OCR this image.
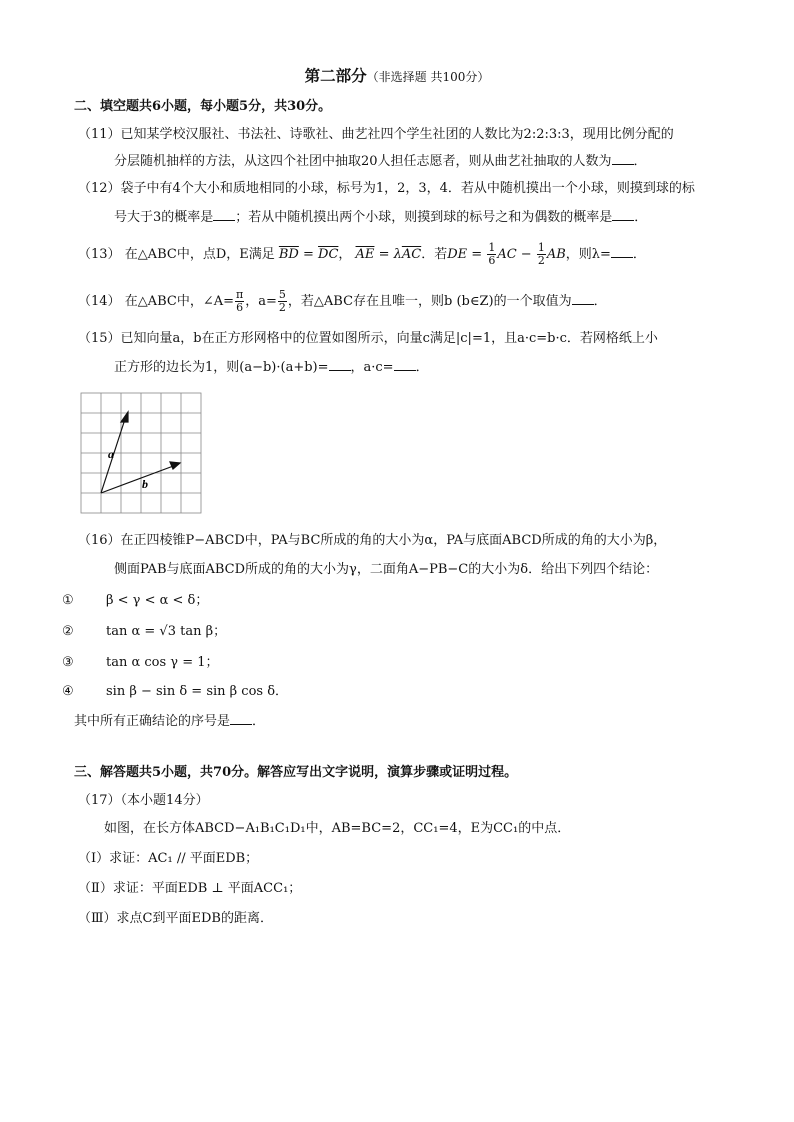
第二部分（非选择题 共100分）
二、填空题共6小题，每小题5分，共30分。
（11）已知某学校汉服社、书法社、诗歌社、曲艺社四个学生社团的人数比为2:2:3:3，现用比例分配的
分层随机抽样的方法，从这四个社团中抽取20人担任志愿者，则从曲艺社抽取的人数为 ．
（12）袋子中有4个大小和质地相同的小球，标号为1，2，3，4．若从中随机摸出一个小球，则摸到球的标
号大于3的概率是 ；若从中随机摸出两个小球，则摸到球的标号之和为偶数的概率是 ．
（13） 在△ABC中，点D，E满足 $\overline{BD} = \overline{DC}$， $\overline{AE} = \lambda\overline{AC}$．若DE = $\frac{1}{6}$ AC − $\frac{1}{2}$ AB，则λ= ．
（14） 在△ABC中，∠A= $\frac{\pi}{6}$ ，$a= \frac{5}{2}$ ，若△ABC存在且唯一，则b (b∈Z)的一个取值为 ．
（15）已知向量a，b在正方形网格中的位置如图所示，向量c满足|c|=1，且a·c=b·c．若网格纸上小
正方形的边长为1，则(a−b)·(a+b)= ，a·c= ．
a
b
（16）在正四棱锥P−ABCD中，PA与BC所成的角的大小为α，PA与底面ABCD所成的角的大小为β，
侧面PAB与底面ABCD所成的角的大小为γ，二面角A−PB−C的大小为δ．给出下列四个结论：
① β < γ < α < δ；
② tan α = √3 tan β；
③ tan α cos γ = 1；
④ sin β − sin δ = sin β cos δ．
其中所有正确结论的序号是 ．
三、解答题共5小题，共70分。解答应写出文字说明，演算步骤或证明过程。
（17）（本小题14分）
如图，在长方体ABCD−A₁B₁C₁D₁中，AB=BC=2，CC₁=4，E为CC₁的中点．
（Ⅰ）求证：AC₁ // 平面EDB；
（Ⅱ）求证：平面EDB ⊥ 平面ACC₁；
（Ⅲ）求点C到平面EDB的距离．
